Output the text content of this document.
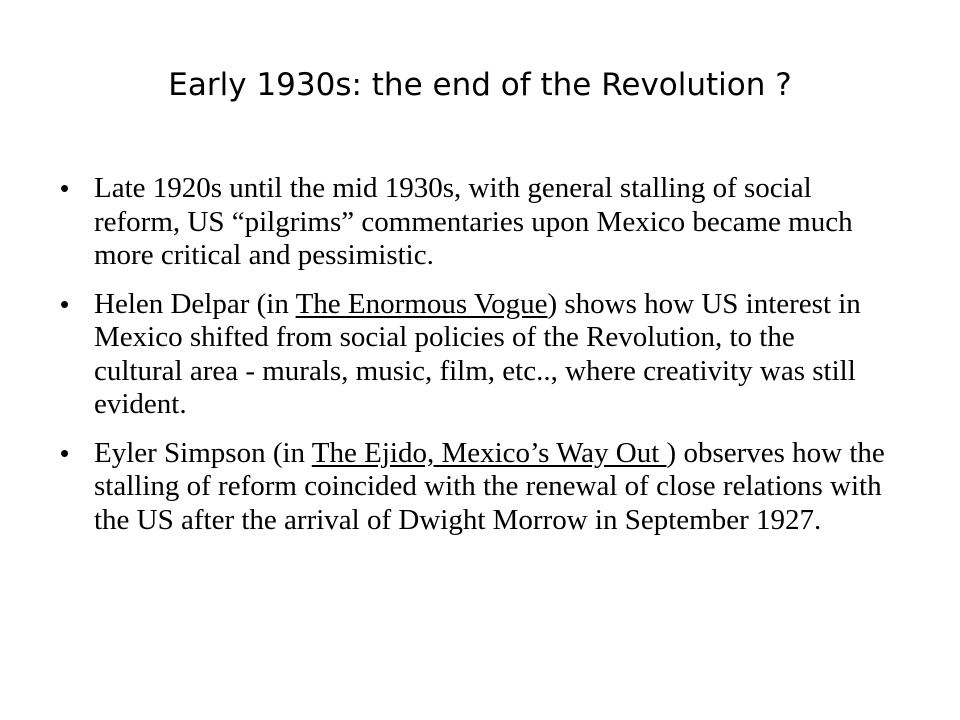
Early 1930s: the end of the Revolution ?
• Late 1920s until the mid 1930s, with general stalling of social reform, US “pilgrims” commentaries upon Mexico became much more critical and pessimistic.
• Helen Delpar (in The Enormous Vogue) shows how US interest in Mexico shifted from social policies of the Revolution, to the cultural area - murals, music, film, etc.., where creativity was still evident.
• Eyler Simpson (in The Ejido, Mexico’s Way Out ) observes how the stalling of reform coincided with the renewal of close relations with the US after the arrival of Dwight Morrow in September 1927.
